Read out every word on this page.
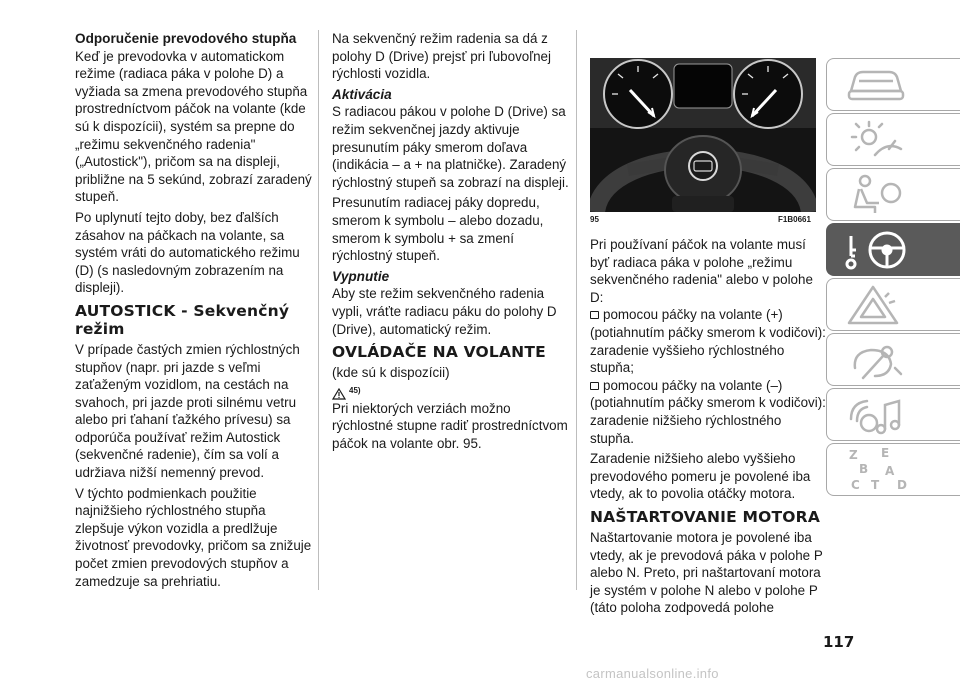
Odporučenie prevodového stupňa

Keď je prevodovka v automatickom režime (radiaca páka v polohe D) a vyžiada sa zmena prevodového stupňa prostredníctvom páčok na volante (kde sú k dispozícii), systém sa prepne do „režimu sekvenčného radenia" („Autostick"), pričom sa na displeji, približne na 5 sekúnd, zobrazí zaradený stupeň.

Po uplynutí tejto doby, bez ďalších zásahov na páčkach na volante, sa systém vráti do automatického režimu (D) (s nasledovným zobrazením na displeji).

AUTOSTICK - Sekvenčný režim

V prípade častých zmien rýchlostných stupňov (napr. pri jazde s veľmi zaťaženým vozidlom, na cestách na svahoch, pri jazde proti silnému vetru alebo pri ťahaní ťažkého prívesu) sa odporúča používať režim Autostick (sekvenčné radenie), čím sa volí a udržiava nižší nemenný prevod.

V týchto podmienkach použitie najnižšieho rýchlostného stupňa zlepšuje výkon vozidla a predlžuje životnosť prevodovky, pričom sa znižuje počet zmien prevodových stupňov a zamedzuje sa prehriatiu.

Na sekvenčný režim radenia sa dá z polohy D (Drive) prejsť pri ľubovoľnej rýchlosti vozidla.

Aktivácia

S radiacou pákou v polohe D (Drive) sa režim sekvenčnej jazdy aktivuje presunutím páky smerom doľava (indikácia – a + na platničke). Zaradený rýchlostný stupeň sa zobrazí na displeji.

Presunutím radiacej páky dopredu, smerom k symbolu – alebo dozadu, smerom k symbolu + sa zmení rýchlostný stupeň.

Vypnutie

Aby ste režim sekvenčného radenia vypli, vráťte radiacu páku do polohy D (Drive), automatický režim.

OVLÁDAČE NA VOLANTE

(kde sú k dispozícii)

45)

Pri niektorých verziách možno rýchlostné stupne radiť prostredníctvom páčok na volante obr. 95.

95	F1B0661

Pri používaní páčok na volante musí byť radiaca páka v polohe „režimu sekvenčného radenia" alebo v polohe D:

pomocou páčky na volante (+) (potiahnutím páčky smerom k vodičovi): zaradenie vyššieho rýchlostného stupňa;

pomocou páčky na volante (–) (potiahnutím páčky smerom k vodičovi): zaradenie nižšieho rýchlostného stupňa.

Zaradenie nižšieho alebo vyššieho prevodového pomeru je povolené iba vtedy, ak to povolia otáčky motora.

NAŠTARTOVANIE MOTORA

Naštartovanie motora je povolené iba vtedy, ak je prevodová páka v polohe P alebo N. Preto, pri naštartovaní motora je systém v polohe N alebo v polohe P (táto poloha zodpovedá polohe

Z E
B A
C T D
117
carmanualsonline.info
